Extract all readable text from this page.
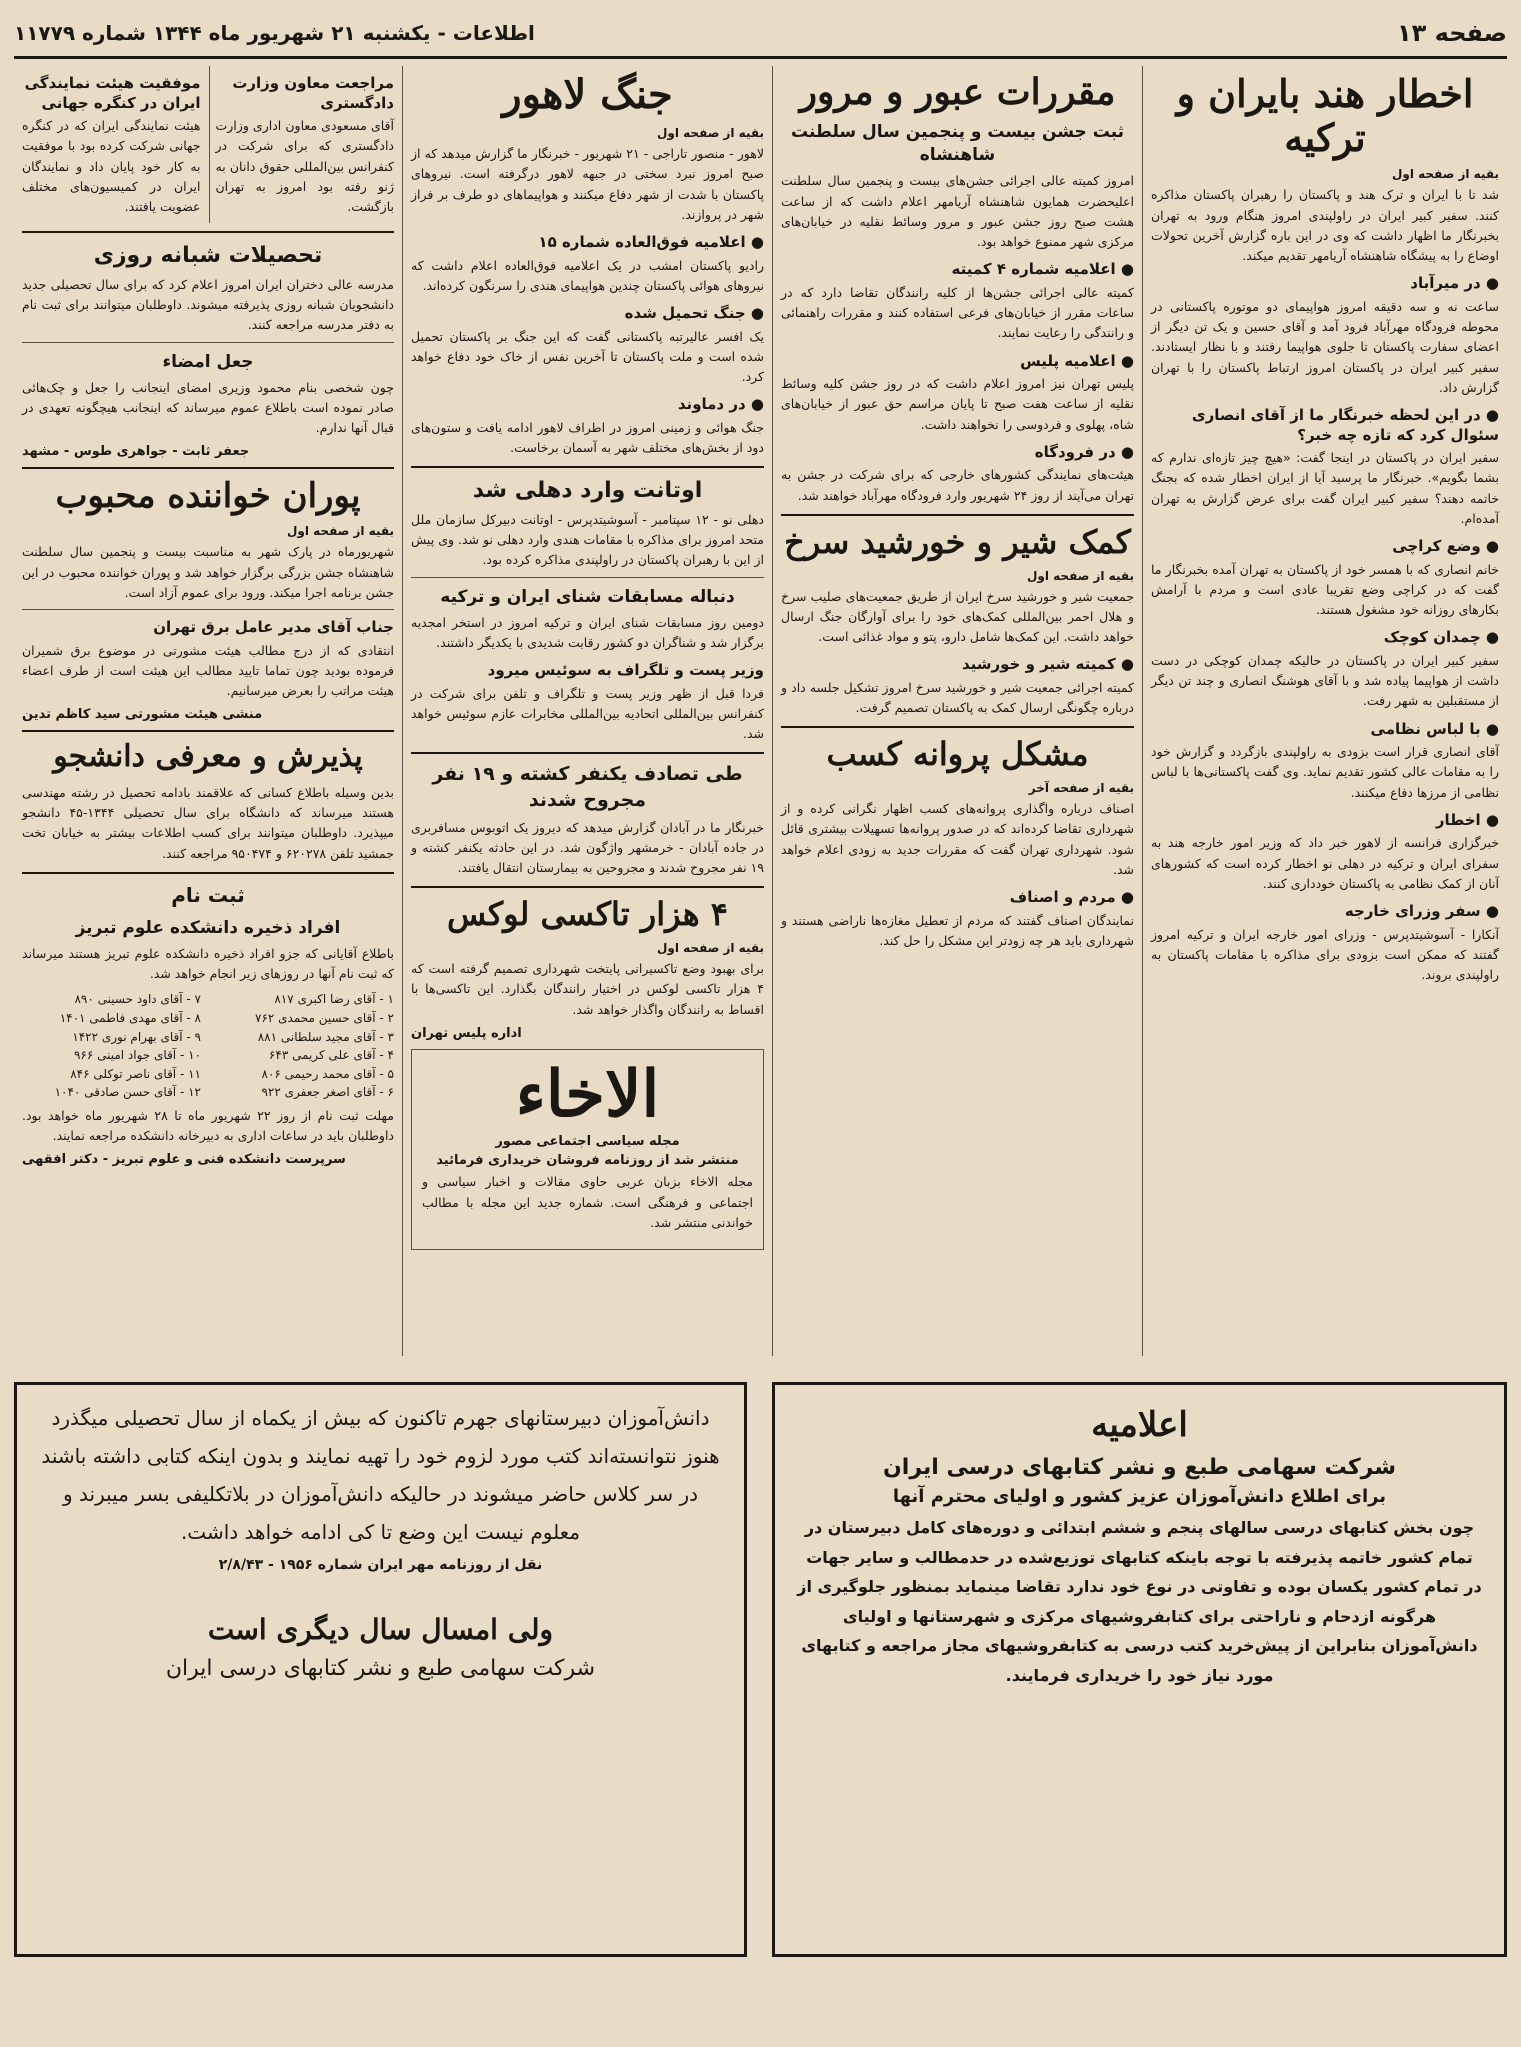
صفحه ۱۳
اطلاعات - یکشنبه ۲۱ شهریور ماه ۱۳۴۴ شماره ۱۱۷۷۹
اخطار هند بایران و ترکیه
بقیه از صفحه اول

شد تا با ایران و ترک هند و پاکستان را رهبران پاکستان مذاکره کنند. سفیر کبیر ایران در راولپندی امروز هنگام ورود به تهران بخبرنگار ما اظهار داشت که وی در این باره گزارش آخرین تحولات اوضاع را به پیشگاه شاهنشاه آریامهر تقدیم میکند.

● در میرآباد

ساعت نه و سه دقیقه امروز هواپیمای دو موتوره پاکستانی در محوطه فرودگاه مهرآباد فرود آمد و آقای حسین و یک تن دیگر از اعضای سفارت پاکستان تا جلوی هواپیما رفتند و با نظار ایستادند. سفیر کبیر ایران در پاکستان امروز ارتباط پاکستان را با تهران گزارش داد.

● در این لحظه خبرنگار ما از آقای انصاری سئوال کرد که تازه چه خبر؟

سفیر ایران در پاکستان در اینجا گفت: «هیچ چیز تازه‌ای ندارم که بشما بگویم». خبرنگار ما پرسید آیا از ایران اخطار شده که بجنگ خاتمه دهند؟ سفیر کبیر ایران گفت برای عرض گزارش به تهران آمده‌ام.

● وضع کراچی

خانم انصاری که با همسر خود از پاکستان به تهران آمده بخبرنگار ما گفت که در کراچی وضع تقریبا عادی است و مردم با آرامش بکارهای روزانه خود مشغول هستند.

● چمدان کوچک

سفیر کبیر ایران در پاکستان در حالیکه چمدان کوچکی در دست داشت از هواپیما پیاده شد و با آقای هوشنگ انصاری و چند تن دیگر از مستقبلین به شهر رفت.

● با لباس نظامی

آقای انصاری قرار است بزودی به راولپندی بازگردد و گزارش خود را به مقامات عالی کشور تقدیم نماید. وی گفت پاکستانی‌ها با لباس نظامی از مرزها دفاع میکنند.

● اخطار

خبرگزاری فرانسه از لاهور خبر داد که وزیر امور خارجه هند به سفرای ایران و ترکیه در دهلی نو اخطار کرده است که کشورهای آنان از کمک نظامی به پاکستان خودداری کنند.

● سفر وزرای خارجه

آنکارا - آسوشیتدپرس - وزرای امور خارجه ایران و ترکیه امروز گفتند که ممکن است بزودی برای مذاکره با مقامات پاکستان به راولپندی بروند.

مقررات عبور و مرور
ثبت جشن بیست و پنجمین سال سلطنت شاهنشاه

امروز کمیته عالی اجرائی جشن‌های بیست و پنجمین سال سلطنت اعلیحضرت همایون شاهنشاه آریامهر اعلام داشت که از ساعت هشت صبح روز جشن عبور و مرور وسائط نقلیه در خیابان‌های مرکزی شهر ممنوع خواهد بود.

● اعلامیه شماره ۴ کمیته

کمیته عالی اجرائی جشن‌ها از کلیه رانندگان تقاضا دارد که در ساعات مقرر از خیابان‌های فرعی استفاده کنند و مقررات راهنمائی و رانندگی را رعایت نمایند.

● اعلامیه پلیس

پلیس تهران نیز امروز اعلام داشت که در روز جشن کلیه وسائط نقلیه از ساعت هفت صبح تا پایان مراسم حق عبور از خیابان‌های شاه، پهلوی و فردوسی را نخواهند داشت.

● در فرودگاه

هیئت‌های نمایندگی کشورهای خارجی که برای شرکت در جشن به تهران می‌آیند از روز ۲۴ شهریور وارد فرودگاه مهرآباد خواهند شد.

کمک شیر و خورشید سرخ
بقیه از صفحه اول

جمعیت شیر و خورشید سرخ ایران از طریق جمعیت‌های صلیب سرخ و هلال احمر بین‌المللی کمک‌های خود را برای آوارگان جنگ ارسال خواهد داشت. این کمک‌ها شامل دارو، پتو و مواد غذائی است.

● کمیته شیر و خورشید

کمیته اجرائی جمعیت شیر و خورشید سرخ امروز تشکیل جلسه داد و درباره چگونگی ارسال کمک به پاکستان تصمیم گرفت.

مشکل پروانه کسب
بقیه از صفحه آخر

اصناف درباره واگذاری پروانه‌های کسب اظهار نگرانی کرده و از شهرداری تقاضا کرده‌اند که در صدور پروانه‌ها تسهیلات بیشتری قائل شود. شهرداری تهران گفت که مقررات جدید به زودی اعلام خواهد شد.

● مردم و اصناف

نمایندگان اصناف گفتند که مردم از تعطیل مغازه‌ها ناراضی هستند و شهرداری باید هر چه زودتر این مشکل را حل کند.

جنگ لاهور
بقیه از صفحه اول

لاهور - منصور تاراجی - ۲۱ شهریور - خبرنگار ما گزارش میدهد که از صبح امروز نبرد سختی در جبهه لاهور درگرفته است. نیروهای پاکستان با شدت از شهر دفاع میکنند و هواپیماهای دو طرف بر فراز شهر در پروازند.

● اعلامیه فوق‌العاده شماره ۱۵

رادیو پاکستان امشب در یک اعلامیه فوق‌العاده اعلام داشت که نیروهای هوائی پاکستان چندین هواپیمای هندی را سرنگون کرده‌اند.

● جنگ تحمیل شده

یک افسر عالیرتبه پاکستانی گفت که این جنگ بر پاکستان تحمیل شده است و ملت پاکستان تا آخرین نفس از خاک خود دفاع خواهد کرد.

● در دماوند

جنگ هوائی و زمینی امروز در اطراف لاهور ادامه یافت و ستون‌های دود از بخش‌های مختلف شهر به آسمان برخاست.

اوتانت وارد دهلی شد

دهلی نو - ۱۲ سپتامبر - آسوشیتدپرس - اوتانت دبیرکل سازمان ملل متحد امروز برای مذاکره با مقامات هندی وارد دهلی نو شد. وی پیش از این با رهبران پاکستان در راولپندی مذاکره کرده بود.

دنباله مسابقات شنای ایران و ترکیه

دومین روز مسابقات شنای ایران و ترکیه امروز در استخر امجدیه برگزار شد و شناگران دو کشور رقابت شدیدی با یکدیگر داشتند.

وزیر پست و تلگراف به سوئیس میرود

فردا قبل از ظهر وزیر پست و تلگراف و تلفن برای شرکت در کنفرانس بین‌المللی اتحادیه بین‌المللی مخابرات عازم سوئیس خواهد شد.

طی تصادف یکنفر کشته و ۱۹ نفر مجروح شدند

خبرنگار ما در آبادان گزارش میدهد که دیروز یک اتوبوس مسافربری در جاده آبادان - خرمشهر واژگون شد. در این حادثه یکنفر کشته و ۱۹ نفر مجروح شدند و مجروحین به بیمارستان انتقال یافتند.

۴ هزار تاکسی لوکس
بقیه از صفحه اول

برای بهبود وضع تاکسیرانی پایتخت شهرداری تصمیم گرفته است که ۴ هزار تاکسی لوکس در اختیار رانندگان بگذارد. این تاکسی‌ها با اقساط به رانندگان واگذار خواهد شد.

اداره پلیس تهران

الاخاء

مجله سیاسی اجتماعی مصور
منتشر شد از روزنامه فروشان خریداری فرمائید

مجله الاخاء بزبان عربی حاوی مقالات و اخبار سیاسی و اجتماعی و فرهنگی است. شماره جدید این مجله با مطالب خواندنی منتشر شد.

مراجعت معاون وزارت دادگستری

آقای مسعودی معاون اداری وزارت دادگستری که برای شرکت در کنفرانس بین‌المللی حقوق دانان به ژنو رفته بود امروز به تهران بازگشت.

موفقیت هیئت نمایندگی ایران در کنگره جهانی

هیئت نمایندگی ایران که در کنگره جهانی شرکت کرده بود با موفقیت به کار خود پایان داد و نمایندگان ایران در کمیسیون‌های مختلف عضویت یافتند.

تحصیلات شبانه روزی

مدرسه عالی دختران ایران امروز اعلام کرد که برای سال تحصیلی جدید دانشجویان شبانه روزی پذیرفته میشوند. داوطلبان میتوانند برای ثبت نام به دفتر مدرسه مراجعه کنند.

جعل امضاء

چون شخصی بنام محمود وزیری امضای اینجانب را جعل و چک‌هائی صادر نموده است باطلاع عموم میرساند که اینجانب هیچگونه تعهدی در قبال آنها ندارم.

جعفر ثابت - جواهری طوس - مشهد
پوران خواننده محبوب
بقیه از صفحه اول

شهریورماه در پارک شهر به مناسبت بیست و پنجمین سال سلطنت شاهنشاه جشن بزرگی برگزار خواهد شد و پوران خواننده محبوب در این جشن برنامه اجرا میکند. ورود برای عموم آزاد است.

جناب آقای مدیر عامل برق تهران

انتقادی که از درج مطالب هیئت مشورتی در موضوع برق شمیران فرموده بودید چون تماما تایید مطالب این هیئت است از طرف اعضاء هیئت مراتب را بعرض میرسانیم.

منشی هیئت مشورتی سید کاظم تدین
پذیرش و معرفی دانشجو

بدین وسیله باطلاع کسانی که علاقمند بادامه تحصیل در رشته مهندسی هستند میرساند که دانشگاه برای سال تحصیلی ۱۳۴۴-۴۵ دانشجو میپذیرد. داوطلبان میتوانند برای کسب اطلاعات بیشتر به خیابان تخت جمشید تلفن ۶۲۰۲۷۸ و ۹۵۰۴۷۴ مراجعه کنند.

ثبت نام
افراد ذخیره دانشکده علوم تبریز

باطلاع آقایانی که جزو افراد ذخیره دانشکده علوم تبریز هستند میرساند که ثبت نام آنها در روزهای زیر انجام خواهد شد.

۱ - آقای رضا اکبری ۸۱۷
۲ - آقای حسین محمدی ۷۶۲
۳ - آقای مجید سلطانی ۸۸۱
۴ - آقای علی کریمی ۶۴۳
۵ - آقای محمد رحیمی ۸۰۶
۶ - آقای اصغر جعفری ۹۲۲
۷ - آقای داود حسینی ۸۹۰
۸ - آقای مهدی فاطمی ۱۴۰۱
۹ - آقای بهرام نوری ۱۴۲۲
۱۰ - آقای جواد امینی ۹۶۶
۱۱ - آقای ناصر توکلی ۸۴۶
۱۲ - آقای حسن صادقی ۱۰۴۰

مهلت ثبت نام از روز ۲۲ شهریور ماه تا ۲۸ شهریور ماه خواهد بود. داوطلبان باید در ساعات اداری به دبیرخانه دانشکده مراجعه نمایند.

سرپرست دانشکده فنی و علوم تبریز - دکتر افقهی
اعلامیه
شرکت سهامی طبع و نشر کتابهای درسی ایران
برای اطلاع دانش‌آموزان عزیز کشور و اولیای محترم آنها

چون بخش کتابهای درسی سالهای پنجم و ششم ابتدائی و دوره‌های کامل دبیرستان در تمام کشور خاتمه پذیرفته با توجه باینکه کتابهای توزیع‌شده در حدمطالب و سایر جهات در تمام کشور یکسان بوده و تفاوتی در نوع خود ندارد تقاضا مینماید بمنظور جلوگیری از هرگونه ازدحام و ناراحتی برای کتابفروشیهای مرکزی و شهرستانها و اولیای دانش‌آموزان بنابراین از پیش‌خرید کتب درسی به کتابفروشیهای مجاز مراجعه و کتابهای مورد نیاز خود را خریداری فرمایند.

دانش‌آموزان دبیرستانهای جهرم تاکنون که بیش از یکماه از سال تحصیلی میگذرد هنوز نتوانسته‌اند کتب مورد لزوم خود را تهیه نمایند و بدون اینکه کتابی داشته باشند در سر کلاس حاضر میشوند در حالیکه دانش‌آموزان در بلاتکلیفی بسر میبرند و معلوم نیست این وضع تا کی ادامه خواهد داشت.

نقل از روزنامه مهر ایران شماره ۱۹۵۶ - ۲/۸/۴۳
ولی امسال سال دیگری است
شرکت سهامی طبع و نشر کتابهای درسی ایران
